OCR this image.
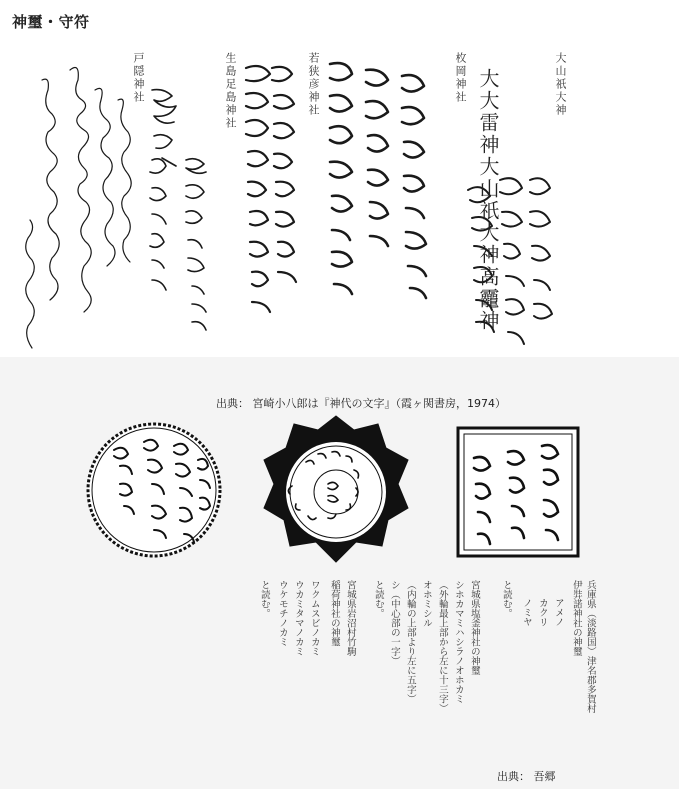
神璽・守符
大大雷神大山祇大神高龗神	大山祇大神
枚岡神社
若狭彦神社
生島足島神社
戸隠神社
出典： 宮崎小八郎は『神代の文字』（霞ヶ関書房，1974）
兵庫県（淡路国）津名郡多賀村
伊弉諾神社の神璽
アメノ
カクリ
ノミヤ
と読む。
宮城県塩釜神社の神璽
シホカマミハシラノオホカミ
（外輪最上部から左に十三字）
オホミシル
（内輪の上部より左に五字）
シ（中心部の一字）
と読む。
宮城県岩沼村竹駒
稲荷神社の神璽
ワクムスビノカミ
ウカミタマノカミ
ウケモチノカミ
と読む。
出典： 吾郷
